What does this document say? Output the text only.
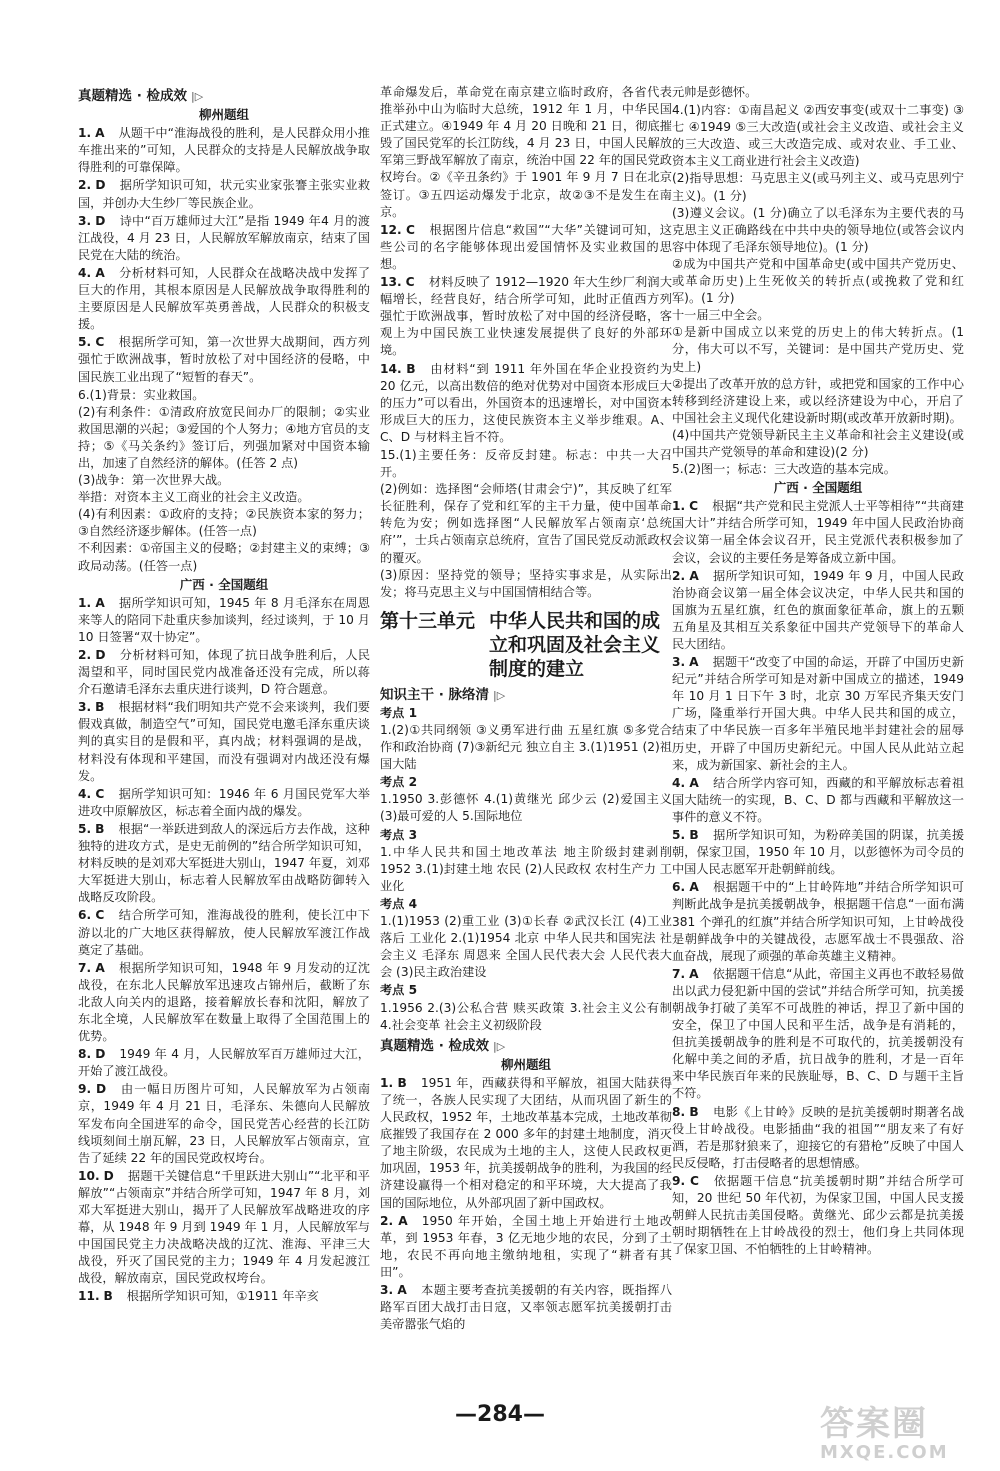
真题精选 · 检成效 |▷
柳州题组

1. A 从题干中“淮海战役的胜利，是人民群众用小推车推出来的”可知，人民群众的支持是人民解放战争取得胜利的可靠保障。

2. D 据所学知识可知，状元实业家张謇主张实业救国，并创办大生纱厂等民族企业。

3. D 诗中“百万雄师过大江”是指 1949 年4 月的渡江战役，4 月 23 日，人民解放军解放南京，结束了国民党在大陆的统治。

4. A 分析材料可知，人民群众在战略决战中发挥了巨大的作用，其根本原因是人民解放战争取得胜利的主要原因是人民解放军英勇善战，人民群众的积极支援。

5. C 根据所学可知，第一次世界大战期间，西方列强忙于欧洲战事，暂时放松了对中国经济的侵略，中国民族工业出现了“短暂的春天”。

6.(1)背景：实业救国。

(2)有利条件：①清政府放宽民间办厂的限制；②实业救国思潮的兴起；③爱国的个人努力；④地方官员的支持；⑤《马关条约》签订后，列强加紧对中国资本输出，加速了自然经济的解体。(任答 2 点)

(3)战争：第一次世界大战。

举措：对资本主义工商业的社会主义改造。

(4)有利因素：①政府的支持；②民族资本家的努力；③自然经济逐步解体。(任答一点)

不利因素：①帝国主义的侵略；②封建主义的束缚；③政局动荡。(任答一点)

广西 · 全国题组

1. A 据所学知识可知，1945 年 8 月毛泽东在周恩来等人的陪同下赴重庆参加谈判，经过谈判，于 10 月 10 日签署“双十协定”。

2. D 分析材料可知，体现了抗日战争胜利后，人民渴望和平，同时国民党内战准备还没有完成，所以蒋介石邀请毛泽东去重庆进行谈判，D 符合题意。

3. B 根据材料“我们明知共产党不会来谈判，我们要假戏真做，制造空气”可知，国民党电邀毛泽东重庆谈判的真实目的是假和平，真内战；材料强调的是战，材料没有体现和平建国，而没有强调对内战还没有爆发。

4. C 据所学知识可知：1946 年 6 月国民党军大举进攻中原解放区，标志着全面内战的爆发。

5. B 根据“一举跃进到敌人的深远后方去作战，这种独特的进攻方式，是史无前例的”结合所学知识可知，材料反映的是刘邓大军挺进大别山，1947 年夏，刘邓大军挺进大别山，标志着人民解放军由战略防御转入战略反攻阶段。

6. C 结合所学可知，淮海战役的胜利，使长江中下游以北的广大地区获得解放，使人民解放军渡江作战奠定了基础。

7. A 根据所学知识可知，1948 年 9 月发动的辽沈战役，在东北人民解放军迅速攻占锦州后，截断了东北敌人向关内的退路，接着解放长春和沈阳，解放了东北全境，人民解放军在数量上取得了全国范围上的优势。

8. D 1949 年 4 月，人民解放军百万雄师过大江，开始了渡江战役。

9. D 由一幅日历图片可知，人民解放军为占领南京，1949 年 4 月 21 日，毛泽东、朱德向人民解放军发布向全国进军的命令，国民党苦心经营的长江防线顷刻间土崩瓦解，23 日，人民解放军占领南京，宣告了延续 22 年的国民党政权垮台。

10. D 据题干关键信息“千里跃进大别山”“北平和平解放”“占领南京”并结合所学可知，1947 年 8 月，刘邓大军挺进大别山，揭开了人民解放军战略进攻的序幕，从 1948 年 9 月到 1949 年 1 月，人民解放军与中国国民党主力决战略决战的辽沈、淮海、平津三大战役，歼灭了国民党的主力；1949 年 4 月发起渡江战役，解放南京，国民党政权垮台。

11. B 根据所学知识可知，①1911 年辛亥

革命爆发后，革命党在南京建立临时政府，各省代表推举孙中山为临时大总统，1912 年 1 月，中华民国正式建立。④1949 年 4 月 20 日晚和 21 日，彻底摧毁了国民党军的长江防线，4 月 23 日，中国人民解放军第三野战军解放了南京，统治中国 22 年的国民党政权垮台。②《辛丑条约》于 1901 年 9 月 7 日在北京签订。③五四运动爆发于北京，故②③不是发生在南京。

12. C 根据图片信息“救国”“大华”关键词可知，这些公司的名字能够体现出爱国情怀及实业救国的思想。

13. C 材料反映了 1912—1920 年大生纱厂利润大幅增长，经营良好，结合所学可知，此时正值西方列强忙于欧洲战事，暂时放松了对中国的经济侵略，客观上为中国民族工业快速发展提供了良好的外部环境。

14. B 由材料“到 1911 年外国在华企业投资约为 20 亿元，以高出数倍的绝对优势对中国资本形成巨大的压力”可以看出，外国资本的迅速增长，对中国资本形成巨大的压力，这使民族资本主义举步维艰。A、C、D 与材料主旨不符。

15.(1)主要任务：反帝反封建。标志：中共一大召开。

(2)例如：选择图“会师塔(甘肃会宁)”，其反映了红军长征胜利，保存了党和红军的主干力量，使中国革命转危为安；例如选择图“人民解放军占领南京‘总统府’”，士兵占领南京总统府，宣告了国民党反动派政权的覆灭。

(3)原因：坚持党的领导；坚持实事求是，从实际出发；将马克思主义与中国国情相结合等。

第十三单元 中华人民共和国的成立和巩固及社会主义制度的建立
知识主干 · 脉络清 |▷
考点 1

1.(2)①共同纲领 ③义勇军进行曲 五星红旗 ⑤多党合作和政治协商 (7)③新纪元 独立自主 3.(1)1951 (2)祖国大陆

考点 2

1.1950 3.彭德怀 4.(1)黄继光 邱少云 (2)爱国主义 (3)最可爱的人 5.国际地位

考点 3

1.中华人民共和国土地改革法 地主阶级封建剥削 1952 3.(1)封建土地 农民 (2)人民政权 农村生产力 工业化

考点 4

1.(1)1953 (2)重工业 (3)①长春 ②武汉长江 (4)工业落后 工业化 2.(1)1954 北京 中华人民共和国宪法 社会主义 毛泽东 周恩来 全国人民代表大会 人民代表大会 (3)民主政治建设

考点 5

1.1956 2.(3)公私合营 赎买政策 3.社会主义公有制 4.社会变革 社会主义初级阶段

真题精选 · 检成效 |▷
柳州题组

1. B 1951 年，西藏获得和平解放，祖国大陆获得了统一，各族人民实现了大团结，从而巩固了新生的人民政权，1952 年，土地改革基本完成，土地改革彻底摧毁了我国存在 2 000 多年的封建土地制度，消灭了地主阶级，农民成为土地的主人，这使人民政权更加巩固，1953 年，抗美援朝战争的胜利，为我国的经济建设赢得一个相对稳定的和平环境，大大提高了我国的国际地位，从外部巩固了新中国政权。

2. A 1950 年开始，全国土地上开始进行土地改革，到 1953 年春，3 亿无地少地的农民，分到了土地，农民不再向地主缴纳地租，实现了“耕者有其田”。

3. A 本题主要考查抗美援朝的有关内容，既指挥八路军百团大战打击日寇，又率领志愿军抗美援朝打击美帝嚣张气焰的

元帅是彭德怀。

4.(1)内容：①南昌起义 ②西安事变(或双十二事变) ③七 ④1949 ⑤三大改造(或社会主义改造、或社会主义的三大改造、或三大改造完成、或对农业、手工业、资本主义工商业进行社会主义改造)

(2)指导思想：马克思主义(或马列主义、或马克思列宁主义)。(1 分)

(3)遵义会议。(1 分)确立了以毛泽东为主要代表的马克思主义正确路线在中共中央的领导地位(或答会议内容中体现了毛泽东领导地位)。(1 分)

②成为中国共产党和中国革命史(或中国共产党历史、或革命历史)上生死攸关的转折点(或挽救了党和红军)。(1 分)

十一届三中全会。

①是新中国成立以来党的历史上的伟大转折点。(1 分，伟大可以不写，关键词：是中国共产党历史、党史上)

②提出了改革开放的总方针，或把党和国家的工作中心转移到经济建设上来，或以经济建设为中心，开启了中国社会主义现代化建设新时期(或改革开放新时期)。

(4)中国共产党领导新民主主义革命和社会主义建设(或中国共产党领导的革命和建设)(2 分)

5.(2)图一；标志：三大改造的基本完成。

广西 · 全国题组

1. C 根据“共产党和民主党派人士平等相待”“共商建国大计”并结合所学可知，1949 年中国人民政治协商会议第一届全体会议召开，民主党派代表积极参加了会议，会议的主要任务是筹备成立新中国。

2. A 据所学知识可知，1949 年 9 月，中国人民政治协商会议第一届全体会议决定，中华人民共和国的国旗为五星红旗，红色的旗面象征革命，旗上的五颗五角星及其相互关系象征中国共产党领导下的革命人民大团结。

3. A 据题干“改变了中国的命运，开辟了中国历史新纪元”并结合所学可知是对新中国成立的描述，1949 年 10 月 1 日下午 3 时，北京 30 万军民齐集天安门广场，隆重举行开国大典。中华人民共和国的成立，结束了中华民族一百多年半殖民地半封建社会的屈辱历史，开辟了中国历史新纪元。中国人民从此站立起来，成为新国家、新社会的主人。

4. A 结合所学内容可知，西藏的和平解放标志着祖国大陆统一的实现，B、C、D 都与西藏和平解放这一事件的意义不符。

5. B 据所学知识可知，为粉碎美国的阴谋，抗美援朝，保家卫国，1950 年 10 月，以彭德怀为司令员的中国人民志愿军开赴朝鲜前线。

6. A 根据题干中的“上甘岭阵地”并结合所学知识可判断此战争是抗美援朝战争，根据题干信息“一面布满 381 个弹孔的红旗”并结合所学知识可知，上甘岭战役是朝鲜战争中的关键战役，志愿军战士不畏强敌、浴血奋战，展现了顽强的革命英雄主义精神。

7. A 依据题干信息“从此，帝国主义再也不敢轻易做出以武力侵犯新中国的尝试”并结合所学可知，抗美援朝战争打破了美军不可战胜的神话，捍卫了新中国的安全，保卫了中国人民和平生活，战争是有消耗的，但抗美援朝战争的胜利是不可取代的，抗美援朝没有化解中美之间的矛盾，抗日战争的胜利，才是一百年来中华民族百年来的民族耻辱，B、C、D 与题干主旨不符。

8. B 电影《上甘岭》反映的是抗美援朝时期著名战役上甘岭战役。电影插曲“我的祖国”“朋友来了有好酒，若是那豺狼来了，迎接它的有猎枪”反映了中国人民反侵略，打击侵略者的思想情感。

9. C 依据题干信息“抗美援朝时期”并结合所学可知，20 世纪 50 年代初，为保家卫国，中国人民支援朝鲜人民抗击美国侵略。黄继光、邱少云都是抗美援朝时期牺牲在上甘岭战役的烈士，他们身上共同体现了保家卫国、不怕牺牲的上甘岭精神。

—284—	答案圈
MXQE.COM
